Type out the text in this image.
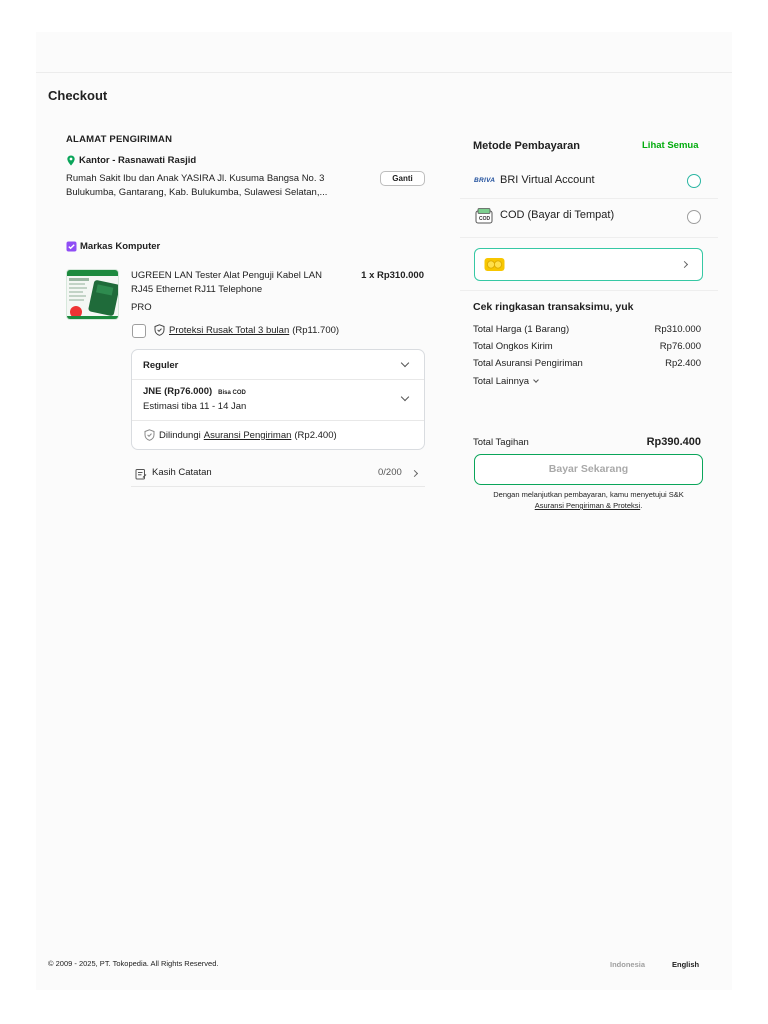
Checkout
ALAMAT PENGIRIMAN
Kantor - Rasnawati Rasjid
Rumah Sakit Ibu dan Anak YASIRA Jl. Kusuma Bangsa No. 3
Bulukumba, Gantarang, Kab. Bulukumba, Sulawesi Selatan,...
Ganti
Markas Komputer
UGREEN LAN Tester Alat Penguji Kabel LAN
RJ45 Ethernet RJ11 Telephone
1 x Rp310.000
PRO
Proteksi Rusak Total 3 bulan (Rp11.700)
Reguler
JNE (Rp76.000) Bisa COD
Estimasi tiba 11 - 14 Jan
Dilindungi Asuransi Pengiriman (Rp2.400)
Kasih Catatan	0/200
Metode Pembayaran	Lihat Semua
BRIVA BRI Virtual Account
COD COD (Bayar di Tempat)
Cek ringkasan transaksimu, yuk
Total Harga (1 Barang)	Rp310.000
Total Ongkos Kirim	Rp76.000
Total Asuransi Pengiriman	Rp2.400
Total Lainnya
Total Tagihan	Rp390.400
Bayar Sekarang
Dengan melanjutkan pembayaran, kamu menyetujui S&K
Asuransi Pengiriman & Proteksi.
© 2009 - 2025, PT. Tokopedia. All Rights Reserved.	Indonesia	English
